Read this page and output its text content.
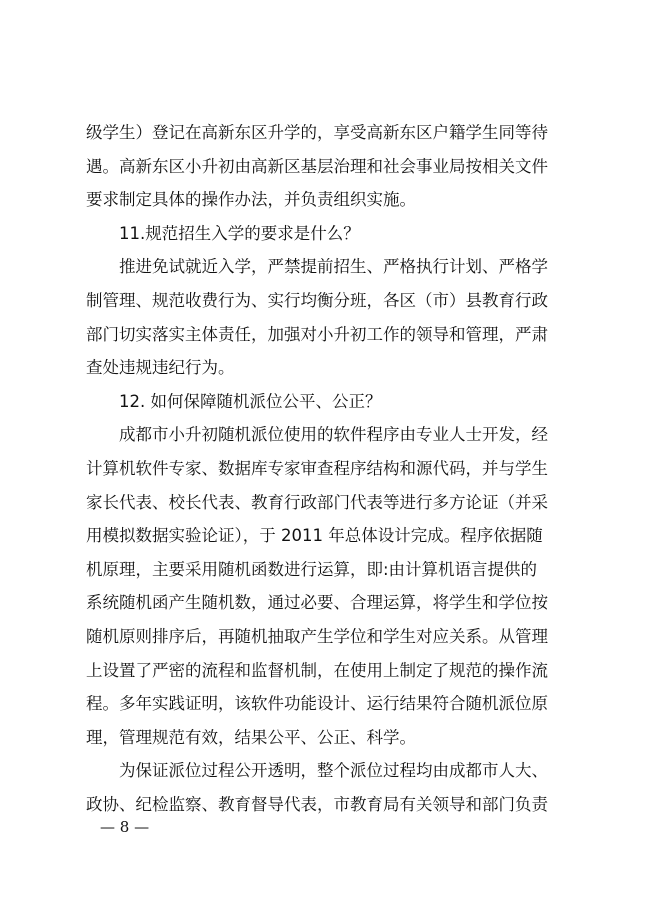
级学生）登记在高新东区升学的，享受高新东区户籍学生同等待
遇。高新东区小升初由高新区基层治理和社会事业局按相关文件
要求制定具体的操作办法，并负责组织实施。
11.规范招生入学的要求是什么？
推进免试就近入学，严禁提前招生、严格执行计划、严格学
制管理、规范收费行为、实行均衡分班，各区（市）县教育行政
部门切实落实主体责任，加强对小升初工作的领导和管理，严肃
查处违规违纪行为。
12. 如何保障随机派位公平、公正？
成都市小升初随机派位使用的软件程序由专业人士开发，经
计算机软件专家、数据库专家审查程序结构和源代码，并与学生
家长代表、校长代表、教育行政部门代表等进行多方论证（并采
用模拟数据实验论证），于 2011 年总体设计完成。程序依据随
机原理，主要采用随机函数进行运算，即:由计算机语言提供的
系统随机函产生随机数，通过必要、合理运算，将学生和学位按
随机原则排序后，再随机抽取产生学位和学生对应关系。从管理
上设置了严密的流程和监督机制，在使用上制定了规范的操作流
程。多年实践证明，该软件功能设计、运行结果符合随机派位原
理，管理规范有效，结果公平、公正、科学。
为保证派位过程公开透明，整个派位过程均由成都市人大、
政协、纪检监察、教育督导代表，市教育局有关领导和部门负责
— 8 —
